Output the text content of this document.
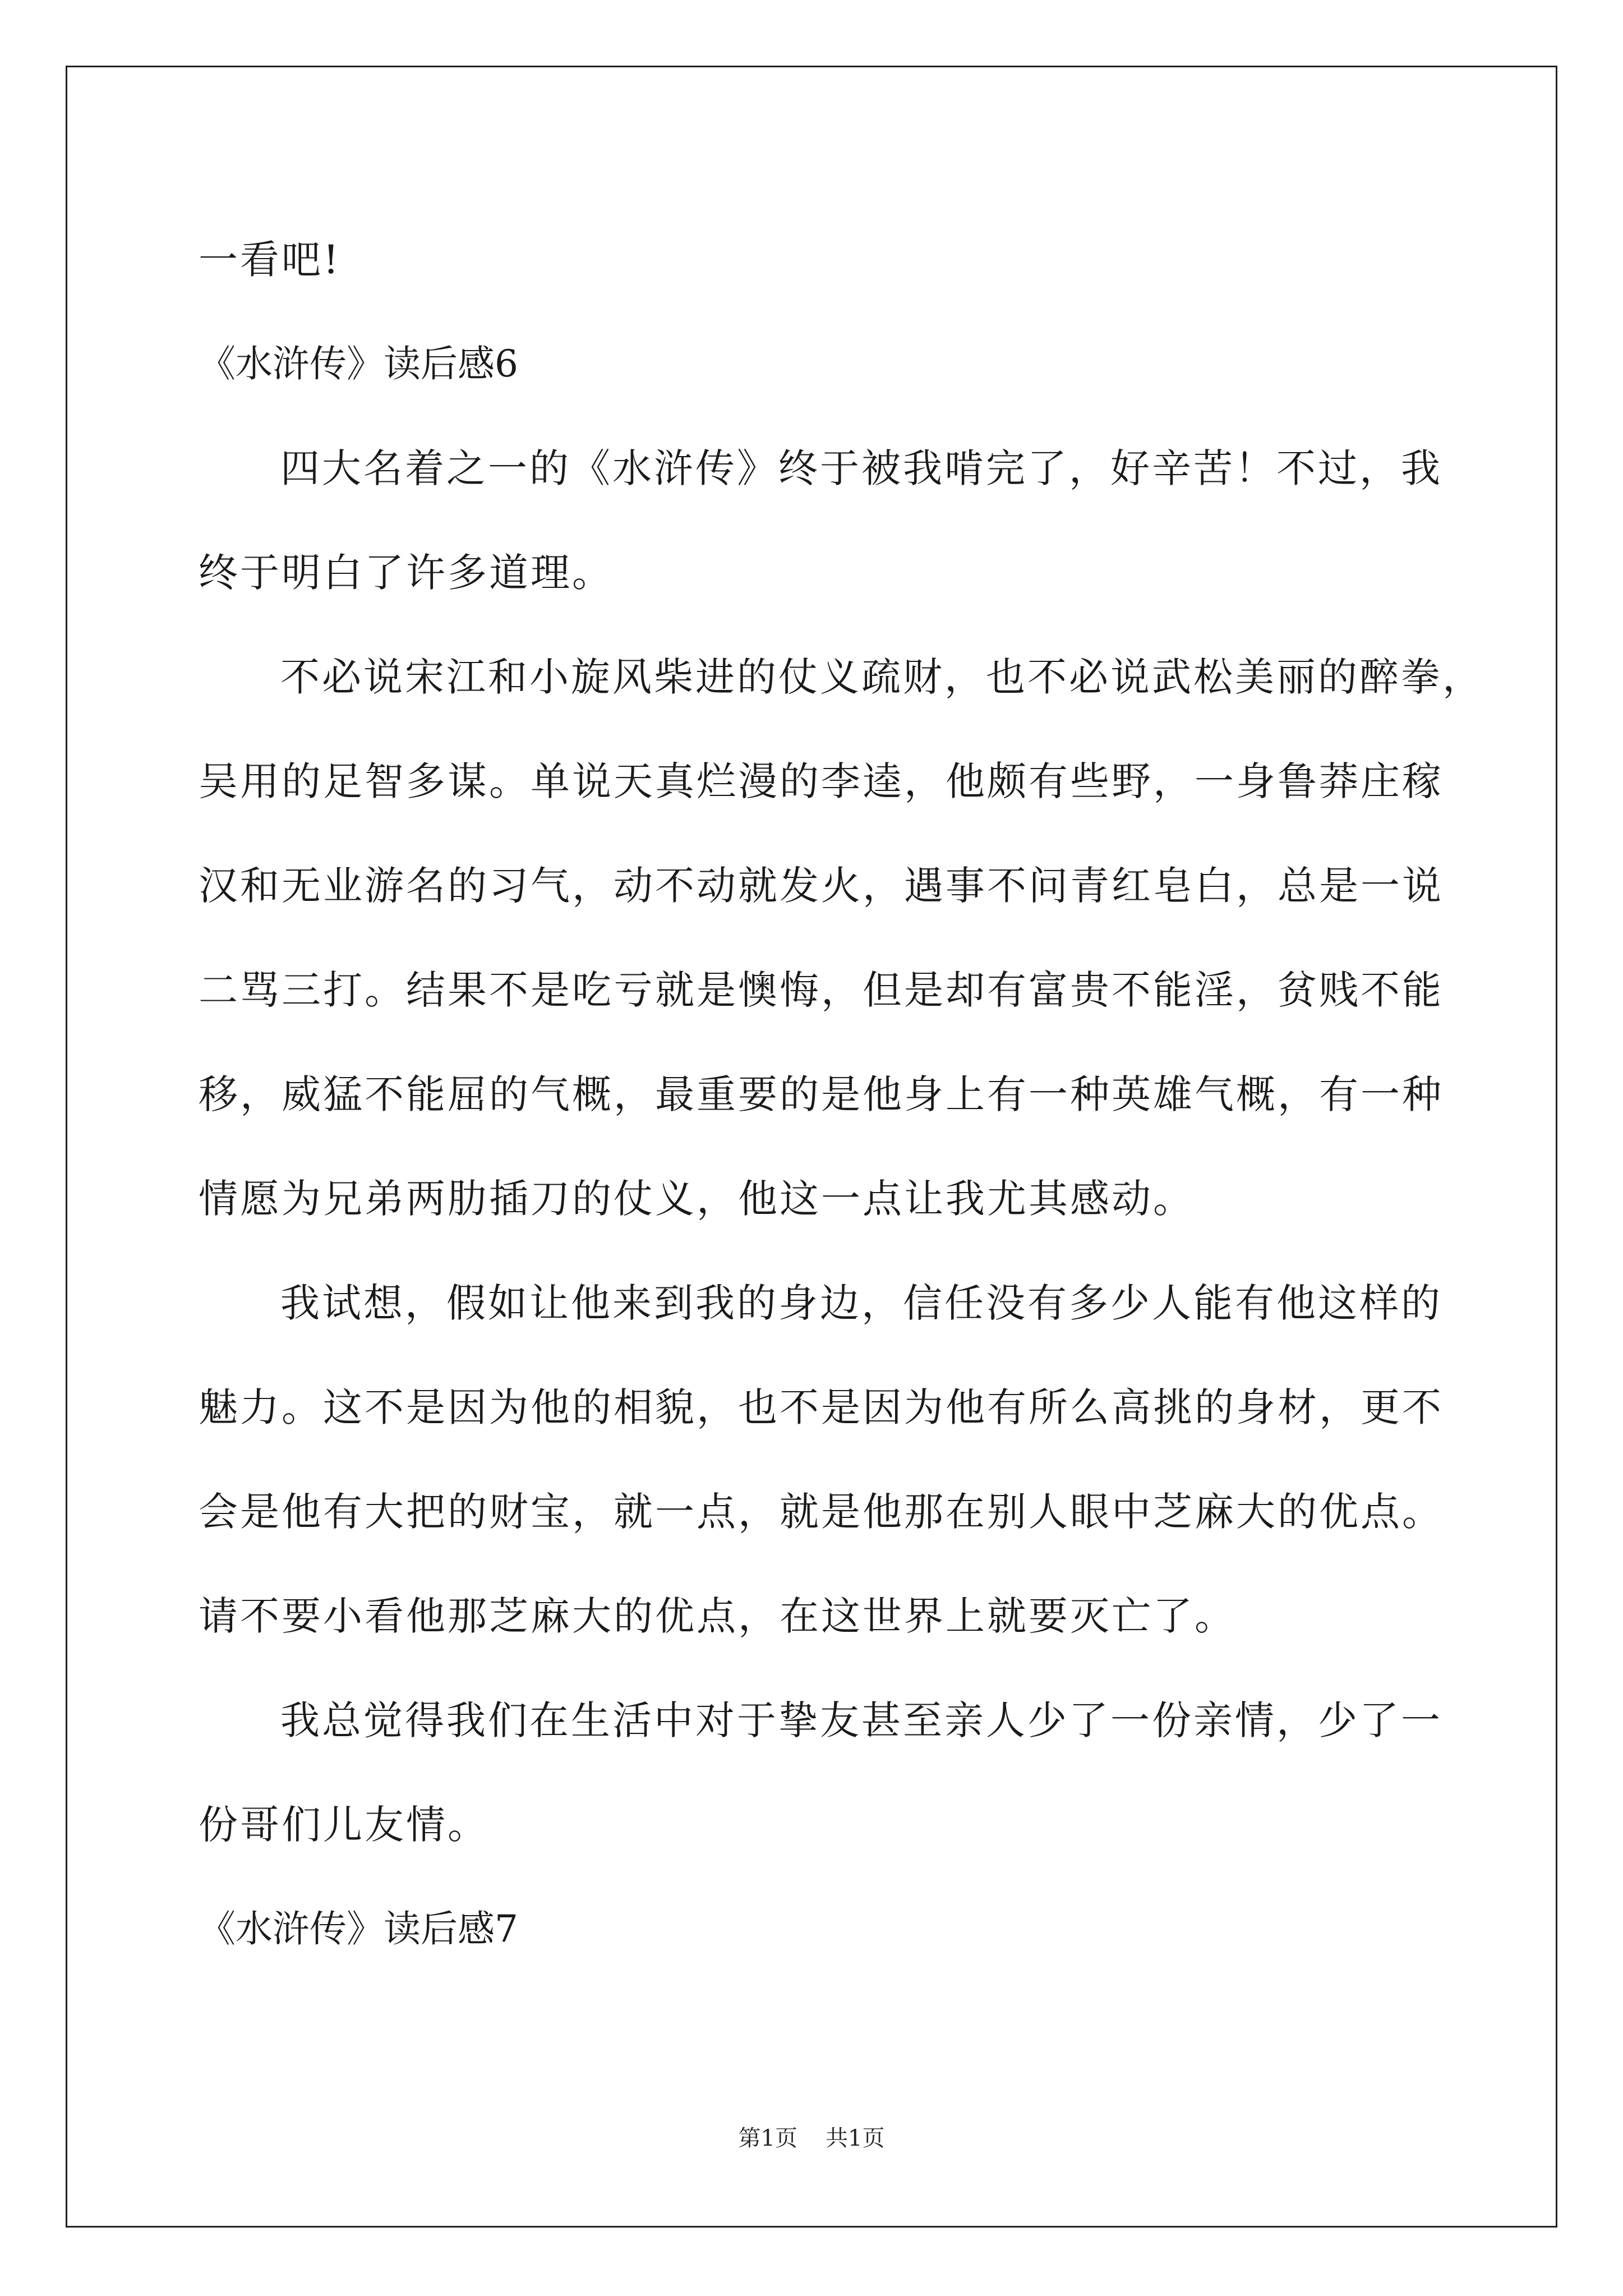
一看吧!
《水浒传》读后感6
四大名着之一的《水浒传》终于被我啃完了，好辛苦！不过，我
终于明白了许多道理。
不必说宋江和小旋风柴进的仗义疏财，也不必说武松美丽的醉拳，
吴用的足智多谋。单说天真烂漫的李逵，他颇有些野，一身鲁莽庄稼
汉和无业游名的习气，动不动就发火，遇事不问青红皂白，总是一说
二骂三打。结果不是吃亏就是懊悔，但是却有富贵不能淫，贫贱不能
移，威猛不能屈的气概，最重要的是他身上有一种英雄气概，有一种
情愿为兄弟两肋插刀的仗义，他这一点让我尤其感动。
我试想，假如让他来到我的身边，信任没有多少人能有他这样的
魅力。这不是因为他的相貌，也不是因为他有所么高挑的身材，更不
会是他有大把的财宝，就一点，就是他那在别人眼中芝麻大的优点。
请不要小看他那芝麻大的优点，在这世界上就要灭亡了。
我总觉得我们在生活中对于挚友甚至亲人少了一份亲情，少了一
份哥们儿友情。
《水浒传》读后感7
第1页 共1页
